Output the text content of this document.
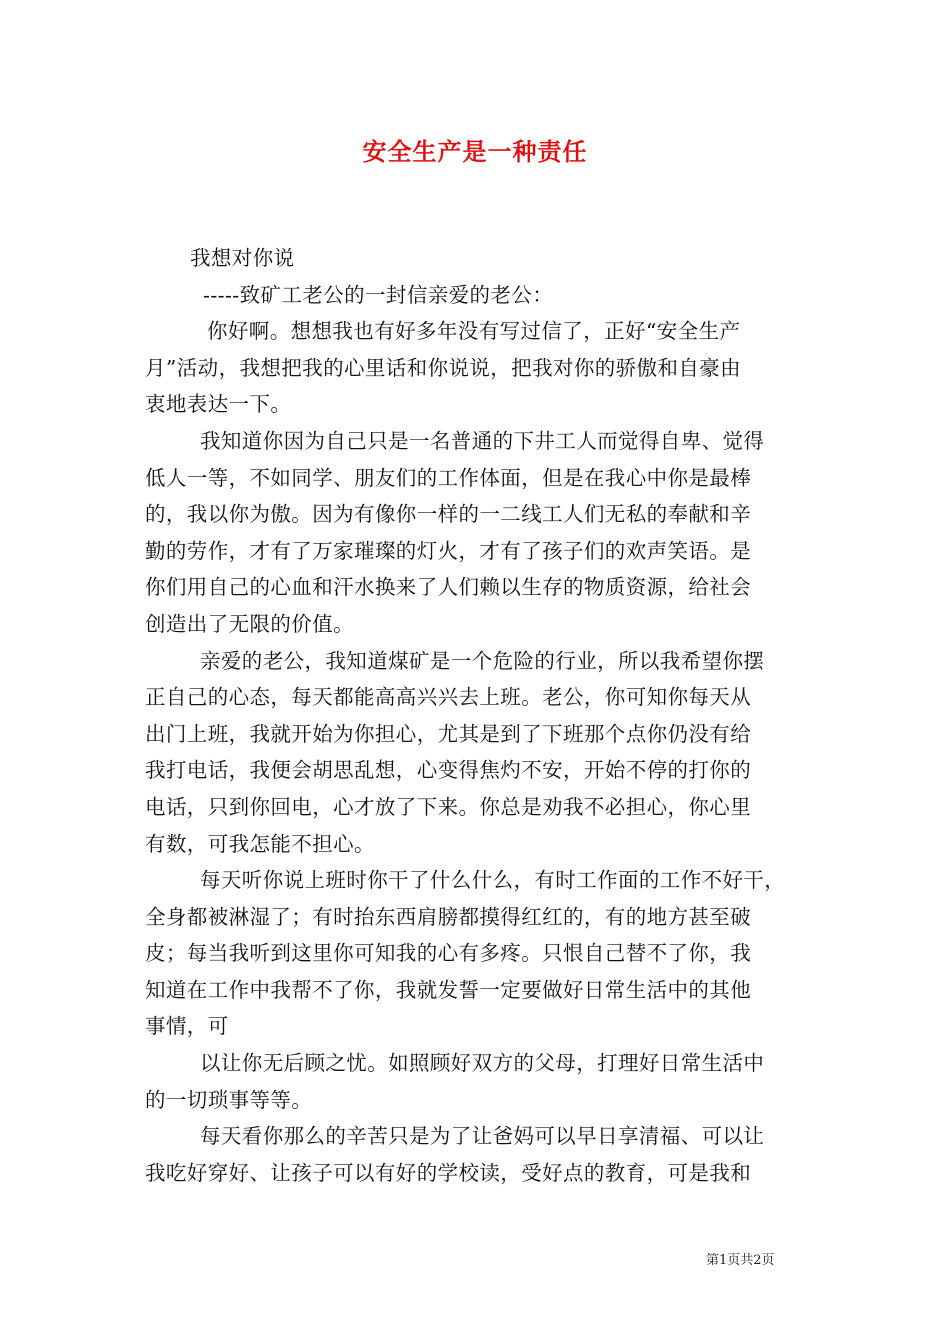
安全生产是一种责任
我想对你说
-----致矿工老公的一封信亲爱的老公：
你好啊。想想我也有好多年没有写过信了，正好“安全生产
月”活动，我想把我的心里话和你说说，把我对你的骄傲和自豪由
衷地表达一下。
我知道你因为自己只是一名普通的下井工人而觉得自卑、觉得
低人一等，不如同学、朋友们的工作体面，但是在我心中你是最棒
的，我以你为傲。因为有像你一样的一二线工人们无私的奉献和辛
勤的劳作，才有了万家璀璨的灯火，才有了孩子们的欢声笑语。是
你们用自己的心血和汗水换来了人们赖以生存的物质资源，给社会
创造出了无限的价值。
亲爱的老公，我知道煤矿是一个危险的行业，所以我希望你摆
正自己的心态，每天都能高高兴兴去上班。老公，你可知你每天从
出门上班，我就开始为你担心，尤其是到了下班那个点你仍没有给
我打电话，我便会胡思乱想，心变得焦灼不安，开始不停的打你的
电话，只到你回电，心才放了下来。你总是劝我不必担心，你心里
有数，可我怎能不担心。
每天听你说上班时你干了什么什么，有时工作面的工作不好干，
全身都被淋湿了；有时抬东西肩膀都摸得红红的，有的地方甚至破
皮；每当我听到这里你可知我的心有多疼。只恨自己替不了你，我
知道在工作中我帮不了你，我就发誓一定要做好日常生活中的其他
事情，可
以让你无后顾之忧。如照顾好双方的父母，打理好日常生活中
的一切琐事等等。
每天看你那么的辛苦只是为了让爸妈可以早日享清福、可以让
我吃好穿好、让孩子可以有好的学校读，受好点的教育，可是我和
第1页共2页
